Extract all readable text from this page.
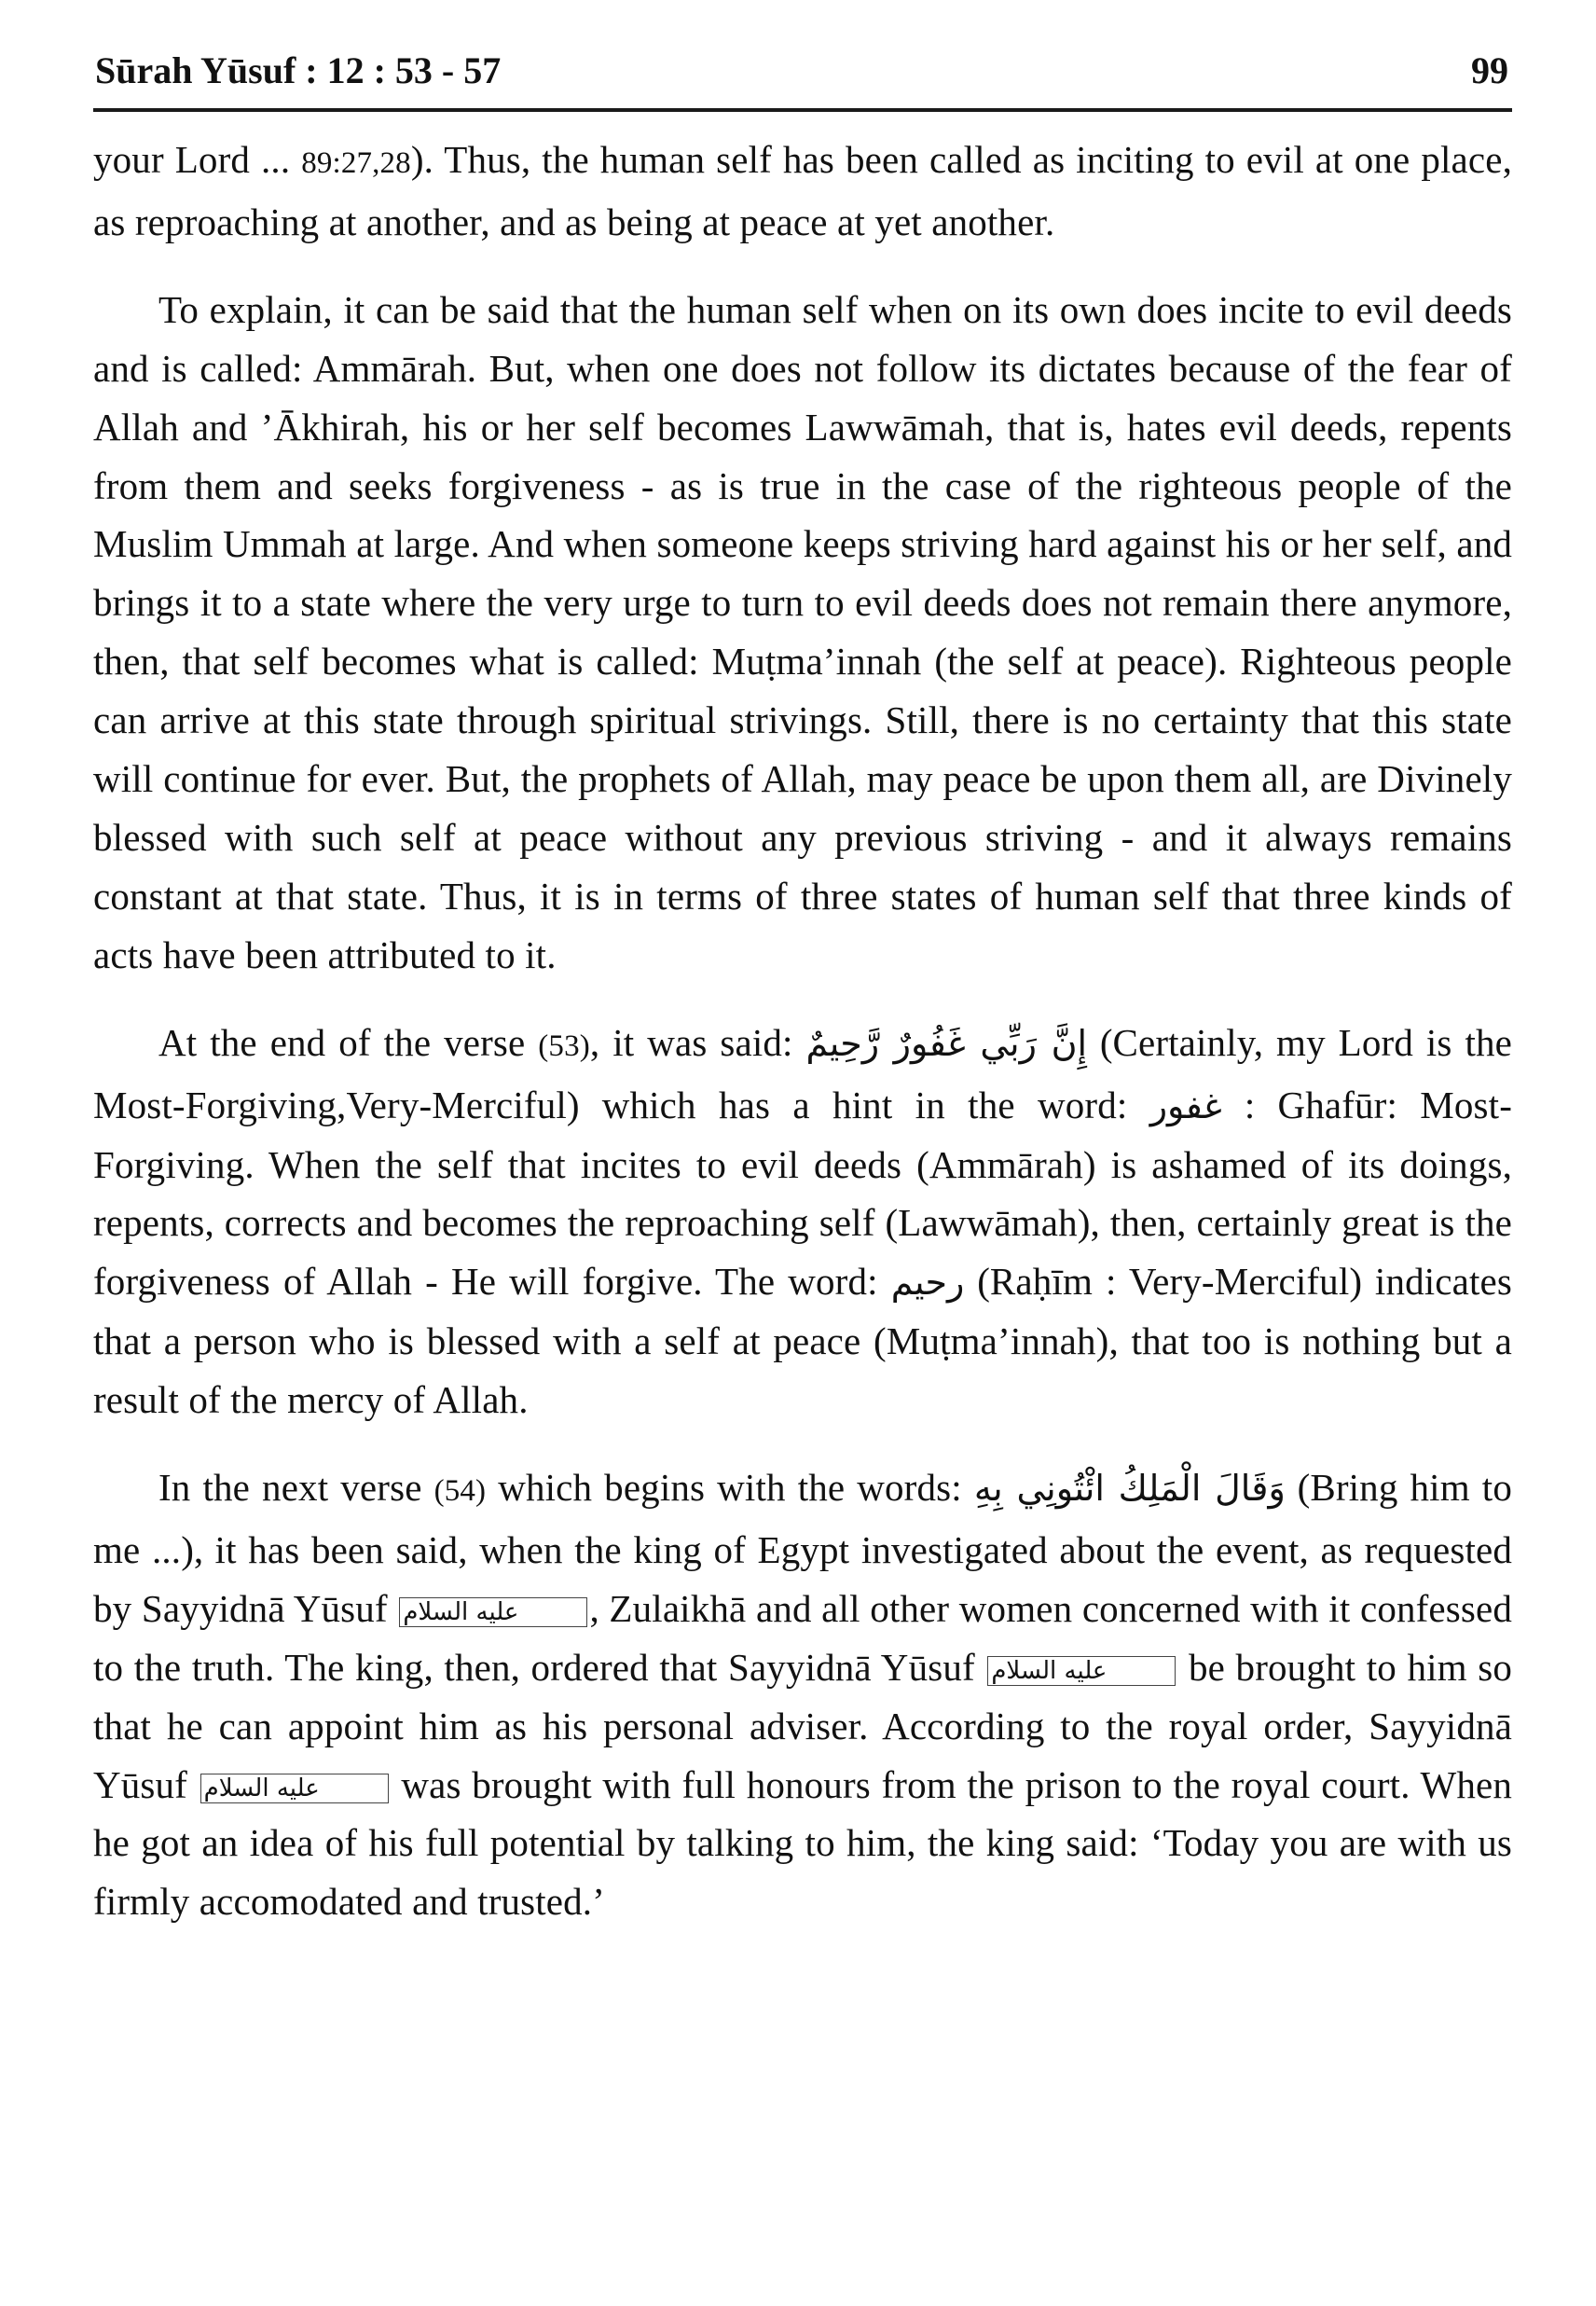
Sūrah Yūsuf : 12 : 53 - 57	99

your Lord ... 89:27,28). Thus, the human self has been called as inciting to evil at one place, as reproaching at another, and as being at peace at yet another.

To explain, it can be said that the human self when on its own does incite to evil deeds and is called: Ammārah. But, when one does not follow its dictates because of the fear of Allah and ’Ākhirah, his or her self becomes Lawwāmah, that is, hates evil deeds, repents from them and seeks forgiveness - as is true in the case of the righteous people of the Muslim Ummah at large. And when someone keeps striving hard against his or her self, and brings it to a state where the very urge to turn to evil deeds does not remain there anymore, then, that self becomes what is called: Muṭma’innah (the self at peace). Righteous people can arrive at this state through spiritual strivings. Still, there is no certainty that this state will continue for ever. But, the prophets of Allah, may peace be upon them all, are Divinely blessed with such self at peace without any previous striving - and it always remains constant at that state. Thus, it is in terms of three states of human self that three kinds of acts have been attributed to it.

At the end of the verse (53), it was said: إِنَّ رَبِّي غَفُورٌ رَّحِيمٌ (Certainly, my Lord is the Most-Forgiving,Very-Merciful) which has a hint in the word: غفور : Ghafūr: Most-Forgiving. When the self that incites to evil deeds (Ammārah) is ashamed of its doings, repents, corrects and becomes the reproaching self (Lawwāmah), then, certainly great is the forgiveness of Allah - He will forgive. The word: رحيم (Raḥīm : Very-Merciful) indicates that a person who is blessed with a self at peace (Muṭma’innah), that too is nothing but a result of the mercy of Allah.

In the next verse (54) which begins with the words: وَقَالَ الْمَلِكُ ائْتُونِي بِهِ (Bring him to me ...), it has been said, when the king of Egypt investigated about the event, as requested by Sayyidnā Yūsuf عليه السلام , Zulaikhā and all other women concerned with it confessed to the truth. The king, then, ordered that Sayyidnā Yūsuf عليه السلام be brought to him so that he can appoint him as his personal adviser. According to the royal order, Sayyidnā Yūsuf عليه السلام was brought with full honours from the prison to the royal court. When he got an idea of his full potential by talking to him, the king said: ‘Today you are with us firmly accomodated and trusted.’
